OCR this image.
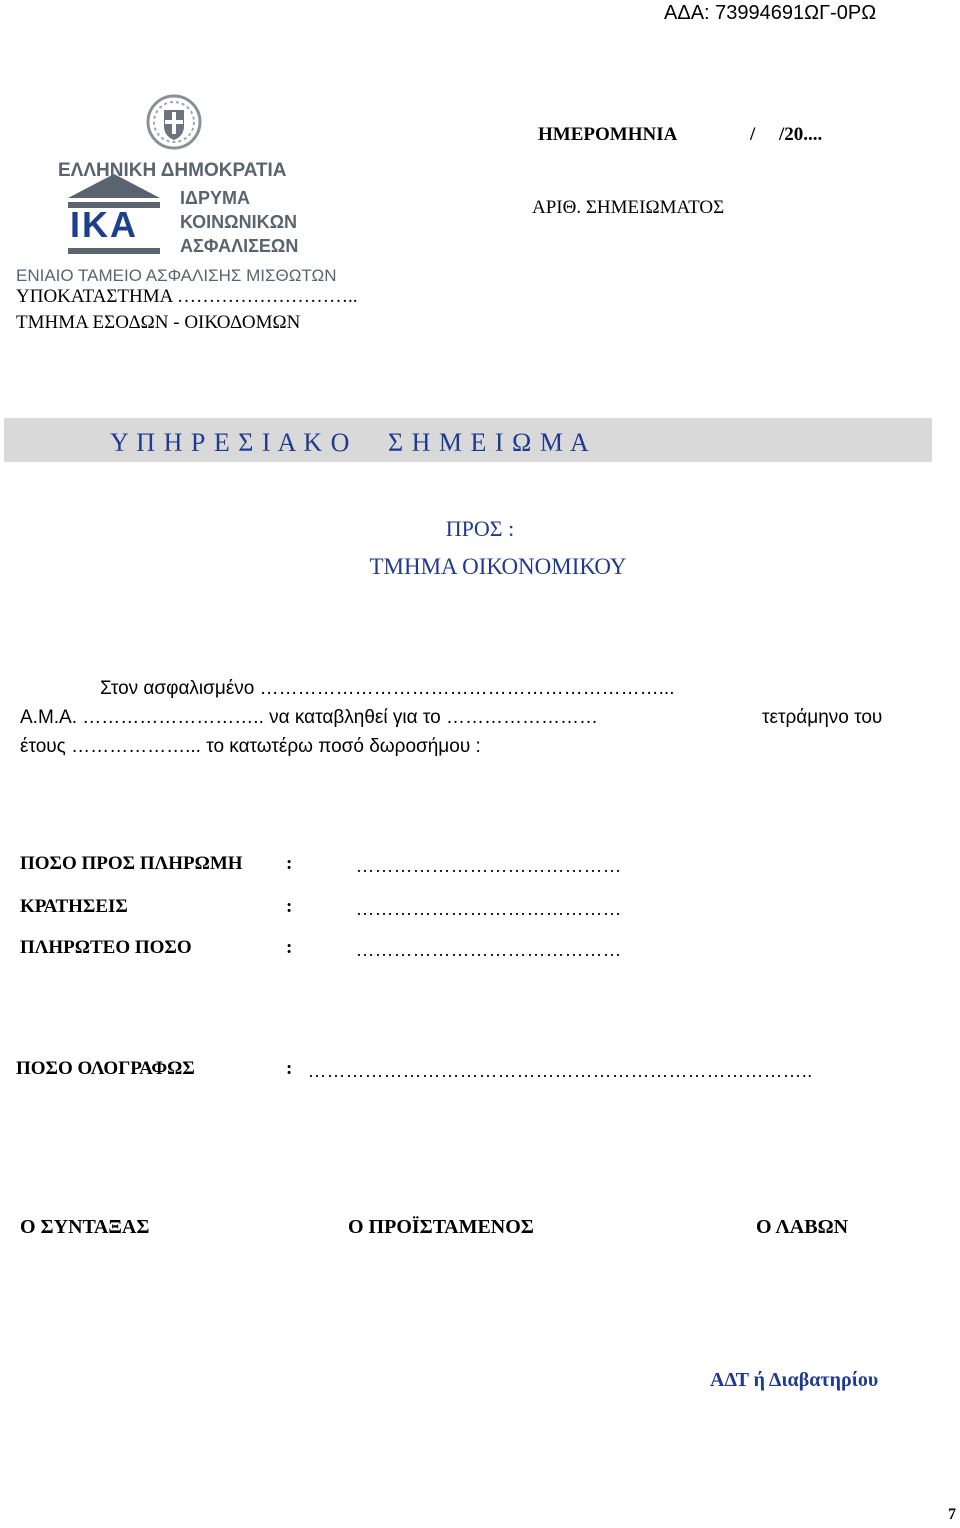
ΑΔΑ: 73994691ΩΓ-0ΡΩ
ΕΛΛΗΝΙΚΗ ΔΗΜΟΚΡΑΤΙΑ
ΙΚΑ
ΙΔΡΥΜΑ
ΚΟΙΝΩΝΙΚΩΝ
ΑΣΦΑΛΙΣΕΩΝ
ΕΝΙΑΙΟ ΤΑΜΕΙΟ ΑΣΦΑΛΙΣΗΣ ΜΙΣΘΩΤΩΝ
ΗΜΕΡΟΜΗΝΙΑ	/     /20....
ΑΡΙΘ. ΣΗΜΕΙΩΜΑΤΟΣ
ΥΠΟΚΑΤΑΣΤΗΜΑ ………………………..
ΤΜΗΜΑ ΕΣΟΔΩΝ - ΟΙΚΟΔΟΜΩΝ
Υ Π Η Ρ Ε Σ Ι Α Κ Ο     Σ Η Μ Ε Ι Ω Μ Α
ΠΡΟΣ :
ΤΜΗΜΑ ΟΙΚΟΝΟΜΙΚΟΥ
Στον ασφαλισμένο ………………………………………………………...
Α.Μ.Α. ……………………….. να καταβληθεί για το ……………………	τετράμηνο του
έτους ………………... το κατωτέρω ποσό δωροσήμου :
ΠΟΣΟ ΠΡΟΣ ΠΛΗΡΩΜΗ :	……………………………………
ΚΡΑΤΗΣΕΙΣ	:	……………………………………
ΠΛΗΡΩΤΕΟ ΠΟΣΟ	:	……………………………………
ΠΟΣΟ ΟΛΟΓΡΑΦΩΣ	: ……………………………………………………………………..
Ο ΣΥΝΤΑΞΑΣ	Ο ΠΡΟΪΣΤΑΜΕΝΟΣ	Ο ΛΑΒΩΝ
ΑΔΤ ή Διαβατηρίου
7
